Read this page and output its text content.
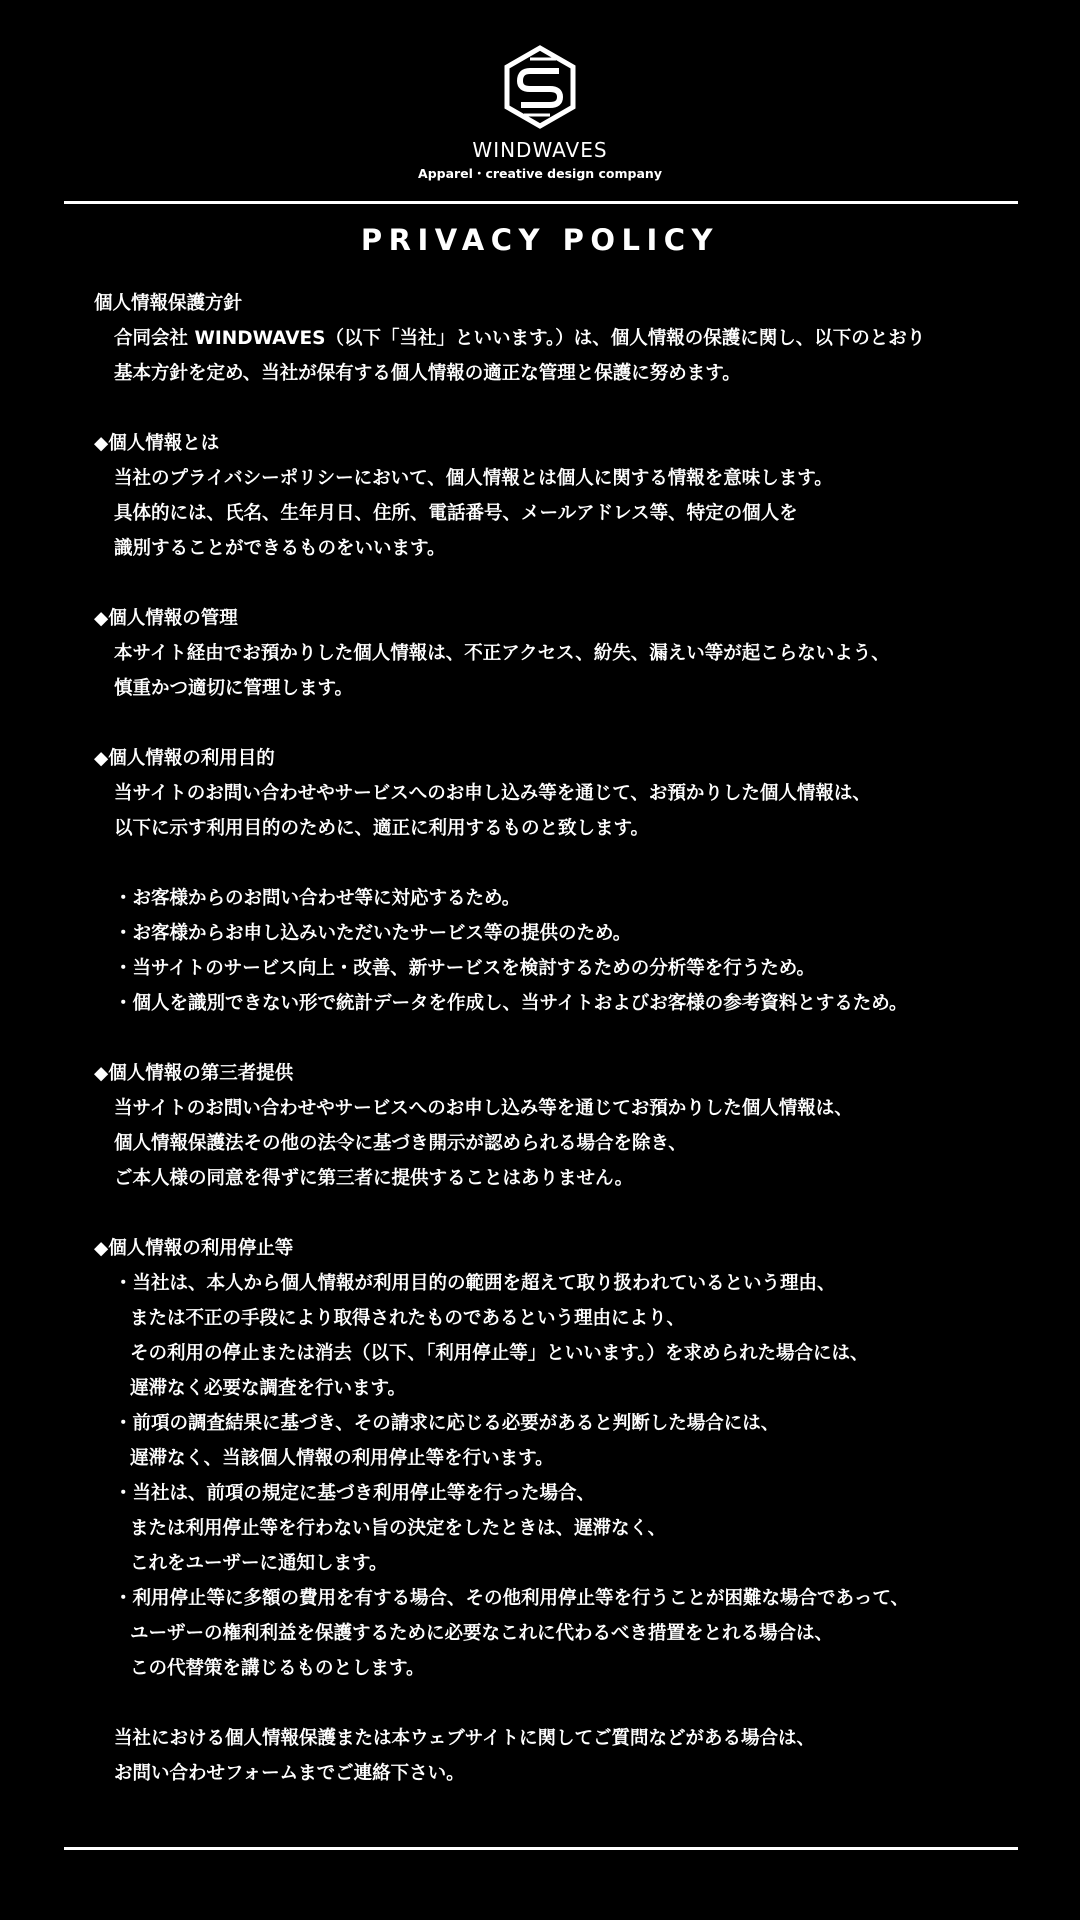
WINDWAVES
Apparel・creative design company
PRIVACY POLICY
個人情報保護方針
合同会社 WINDWAVES（以下「当社」といいます。）は、個人情報の保護に関し、以下のとおり
基本方針を定め、当社が保有する個人情報の適正な管理と保護に努めます。
◆個人情報とは
当社のプライバシーポリシーにおいて、個人情報とは個人に関する情報を意味します。
具体的には、氏名、生年月日、住所、電話番号、メールアドレス等、特定の個人を
識別することができるものをいいます。
◆個人情報の管理
本サイト経由でお預かりした個人情報は、不正アクセス、紛失、漏えい等が起こらないよう、
慎重かつ適切に管理します。
◆個人情報の利用目的
当サイトのお問い合わせやサービスへのお申し込み等を通じて、お預かりした個人情報は、
以下に示す利用目的のために、適正に利用するものと致します。
・お客様からのお問い合わせ等に対応するため。
・お客様からお申し込みいただいたサービス等の提供のため。
・当サイトのサービス向上・改善、新サービスを検討するための分析等を行うため。
・個人を識別できない形で統計データを作成し、当サイトおよびお客様の参考資料とするため。
◆個人情報の第三者提供
当サイトのお問い合わせやサービスへのお申し込み等を通じてお預かりした個人情報は、
個人情報保護法その他の法令に基づき開示が認められる場合を除き、
ご本人様の同意を得ずに第三者に提供することはありません。
◆個人情報の利用停止等
・当社は、本人から個人情報が利用目的の範囲を超えて取り扱われているという理由、
または不正の手段により取得されたものであるという理由により、
その利用の停止または消去（以下、「利用停止等」といいます。）を求められた場合には、
遅滞なく必要な調査を行います。
・前項の調査結果に基づき、その請求に応じる必要があると判断した場合には、
遅滞なく、当該個人情報の利用停止等を行います。
・当社は、前項の規定に基づき利用停止等を行った場合、
または利用停止等を行わない旨の決定をしたときは、遅滞なく、
これをユーザーに通知します。
・利用停止等に多額の費用を有する場合、その他利用停止等を行うことが困難な場合であって、
ユーザーの権利利益を保護するために必要なこれに代わるべき措置をとれる場合は、
この代替策を講じるものとします。
当社における個人情報保護または本ウェブサイトに関してご質問などがある場合は、
お問い合わせフォームまでご連絡下さい。
